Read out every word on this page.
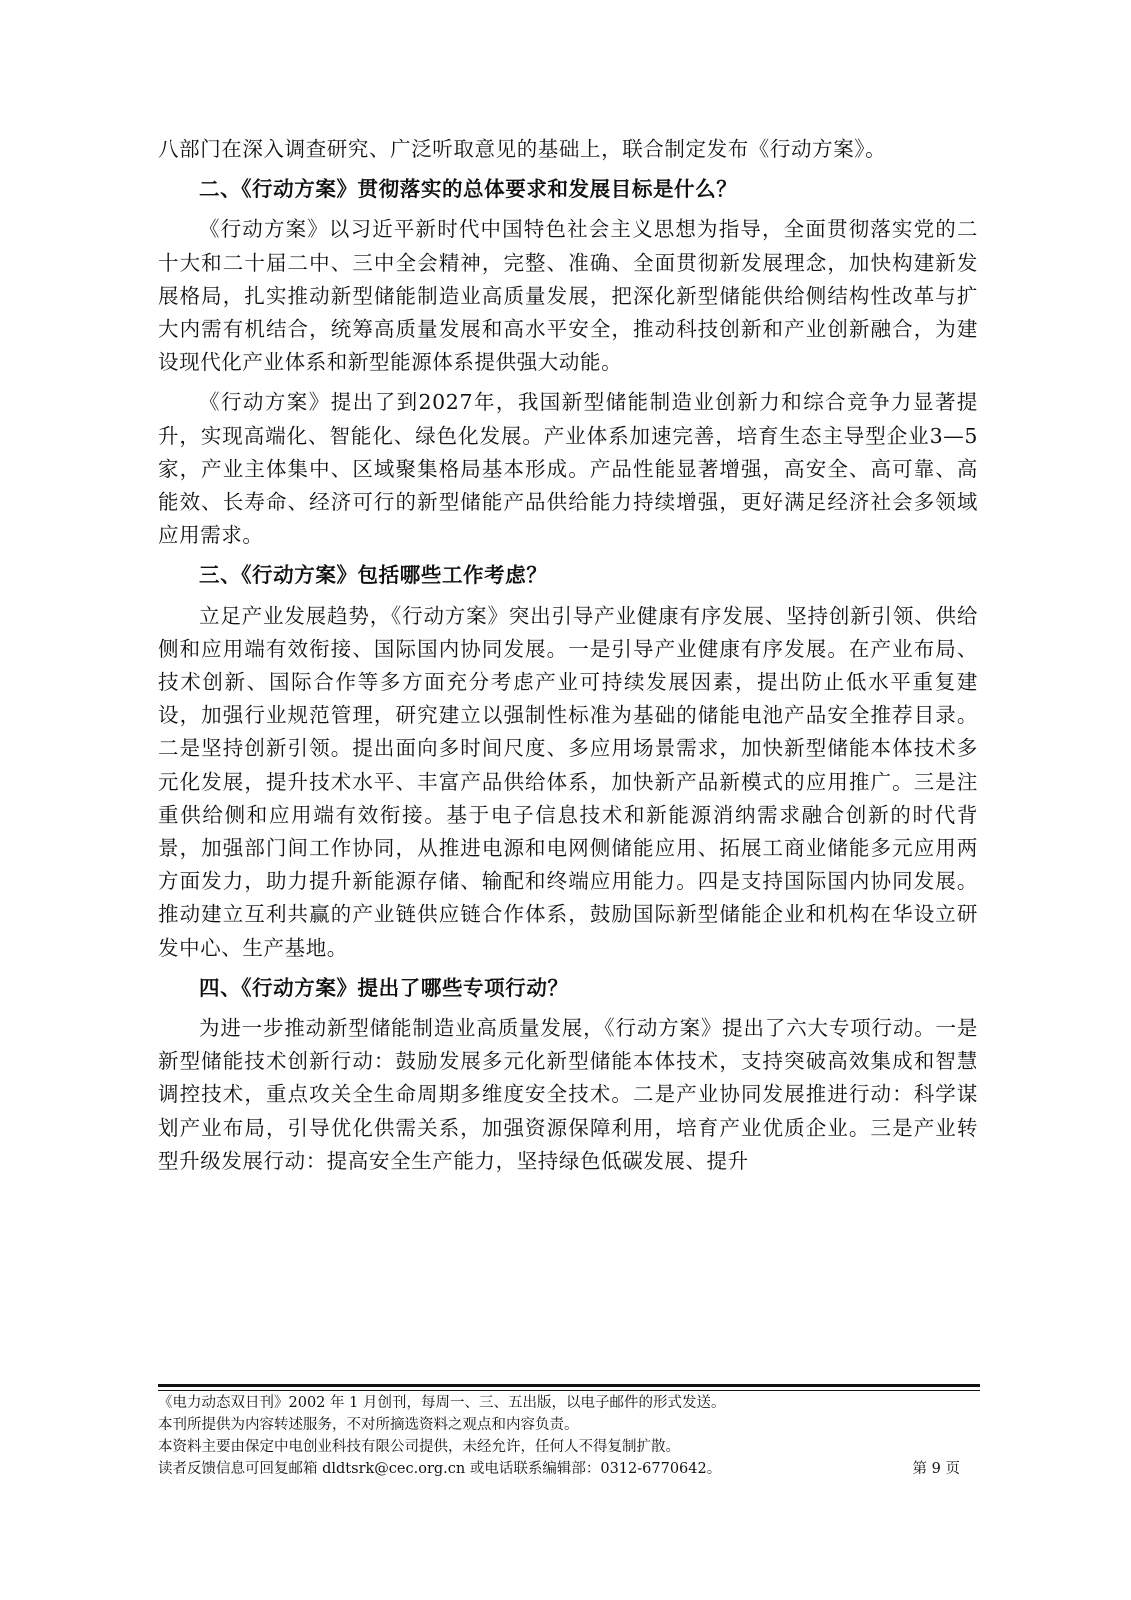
八部门在深入调查研究、广泛听取意见的基础上，联合制定发布《行动方案》。

二、《行动方案》贯彻落实的总体要求和发展目标是什么？

《行动方案》以习近平新时代中国特色社会主义思想为指导，全面贯彻落实党的二十大和二十届二中、三中全会精神，完整、准确、全面贯彻新发展理念，加快构建新发展格局，扎实推动新型储能制造业高质量发展，把深化新型储能供给侧结构性改革与扩大内需有机结合，统筹高质量发展和高水平安全，推动科技创新和产业创新融合，为建设现代化产业体系和新型能源体系提供强大动能。

《行动方案》提出了到2027年，我国新型储能制造业创新力和综合竞争力显著提升，实现高端化、智能化、绿色化发展。产业体系加速完善，培育生态主导型企业3—5家，产业主体集中、区域聚集格局基本形成。产品性能显著增强，高安全、高可靠、高能效、长寿命、经济可行的新型储能产品供给能力持续增强，更好满足经济社会多领域应用需求。

三、《行动方案》包括哪些工作考虑？

立足产业发展趋势，《行动方案》突出引导产业健康有序发展、坚持创新引领、供给侧和应用端有效衔接、国际国内协同发展。一是引导产业健康有序发展。在产业布局、技术创新、国际合作等多方面充分考虑产业可持续发展因素，提出防止低水平重复建设，加强行业规范管理，研究建立以强制性标准为基础的储能电池产品安全推荐目录。二是坚持创新引领。提出面向多时间尺度、多应用场景需求，加快新型储能本体技术多元化发展，提升技术水平、丰富产品供给体系，加快新产品新模式的应用推广。三是注重供给侧和应用端有效衔接。基于电子信息技术和新能源消纳需求融合创新的时代背景，加强部门间工作协同，从推进电源和电网侧储能应用、拓展工商业储能多元应用两方面发力，助力提升新能源存储、输配和终端应用能力。四是支持国际国内协同发展。推动建立互利共赢的产业链供应链合作体系，鼓励国际新型储能企业和机构在华设立研发中心、生产基地。

四、《行动方案》提出了哪些专项行动？

为进一步推动新型储能制造业高质量发展，《行动方案》提出了六大专项行动。一是新型储能技术创新行动：鼓励发展多元化新型储能本体技术，支持突破高效集成和智慧调控技术，重点攻关全生命周期多维度安全技术。二是产业协同发展推进行动：科学谋划产业布局，引导优化供需关系，加强资源保障利用，培育产业优质企业。三是产业转型升级发展行动：提高安全生产能力，坚持绿色低碳发展、提升

《电力动态双日刊》2002 年 1 月创刊，每周一、三、五出版，以电子邮件的形式发送。
本刊所提供为内容转述服务，不对所摘选资料之观点和内容负责。
本资料主要由保定中电创业科技有限公司提供，未经允许，任何人不得复制扩散。
读者反馈信息可回复邮箱 dldtsrk@cec.org.cn 或电话联系编辑部：0312-6770642。	第 9 页
